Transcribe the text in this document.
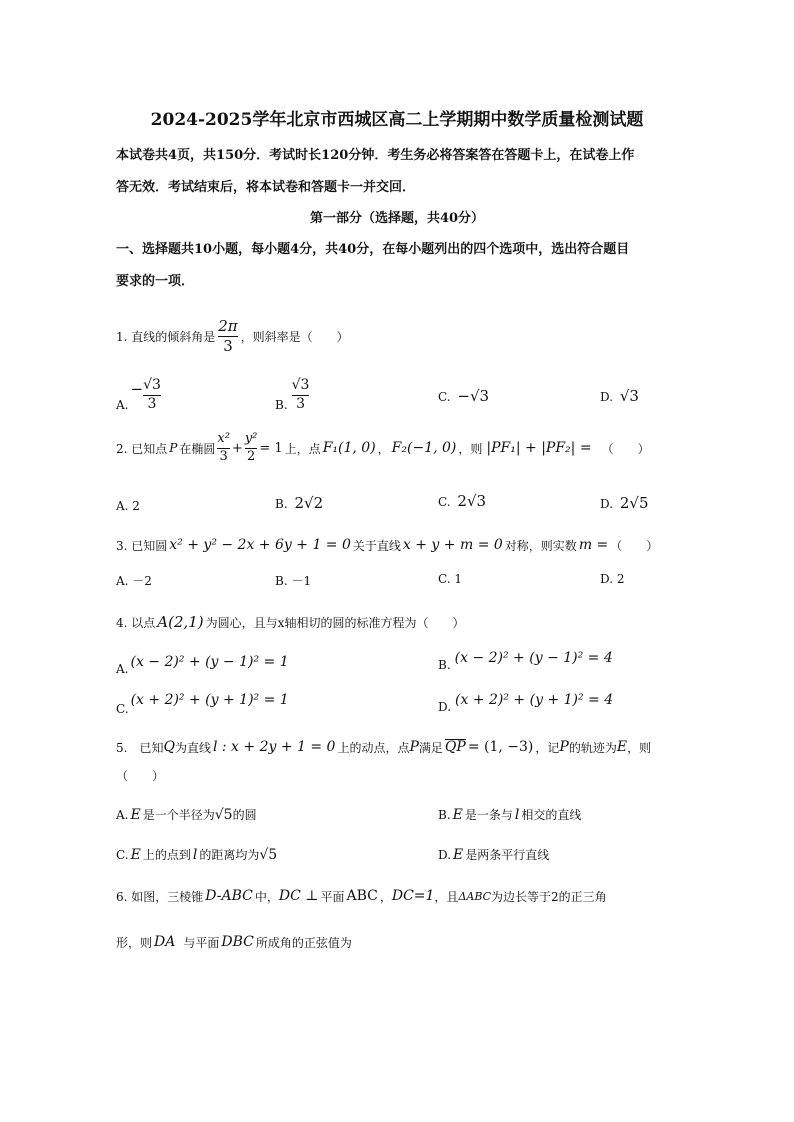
2024-2025学年北京市西城区高二上学期期中数学质量检测试题
本试卷共4页，共150分．考试时长120分钟．考生务必将答案答在答题卡上，在试卷上作
答无效．考试结束后，将本试卷和答题卡一并交回．
第一部分（选择题，共40分）
一、选择题共10小题，每小题4分，共40分，在每小题列出的四个选项中，选出符合题目
要求的一项．
1. 直线的倾斜角是 $\frac{2\pi}{3}$ ，则斜率是（　　）
A.
− $\frac{√3}{3}$	B. $\frac{√3}{3}$	C. −√3	D. √3
2. 已知点 P 在椭圆 $\frac{\text{x²}}{3} + \frac{\text{y²}}{2} = 1$ 上，点 F₁(1, 0) ， F₂(−1, 0) ，则 |PF₁| + |PF₂| = （　　）
A. 2	B. 2√2	C. 2√3	D. 2√5
3. 已知圆 x² + y² − 2x + 6y + 1 = 0 关于直线 x + y + m = 0 对称，则实数 m = （　　）
A. －2	B. －1	C. 1	D. 2
4. 以点 A(2,1) 为圆心，且与x轴相切的圆的标准方程为（　　）
A. (x − 2)² + (y − 1)² = 1	B. (x − 2)² + (y − 1)² = 4
C.
(x + 2)² + (y + 1)² = 1	D. (x + 2)² + (y + 1)² = 4
5.　已知 Q 为直线 l : x + 2y + 1 = 0 上的动点，点 P 满足 QP = (1, −3) ，记 P 的轨迹为 E ，则
（　　）
A. E 是一个半径为 √5 的圆	B. E 是一条与 l 相交的直线
C. E 上的点到 l 的距离均为 √5	D. E 是两条平行直线
6. 如图，三棱锥 D-ABC 中， DC ⊥ 平面 ABC ， DC=1 ，且 ΔABC 为边长等于2的正三角
形，则 DA 与平面 DBC 所成角的正弦值为
